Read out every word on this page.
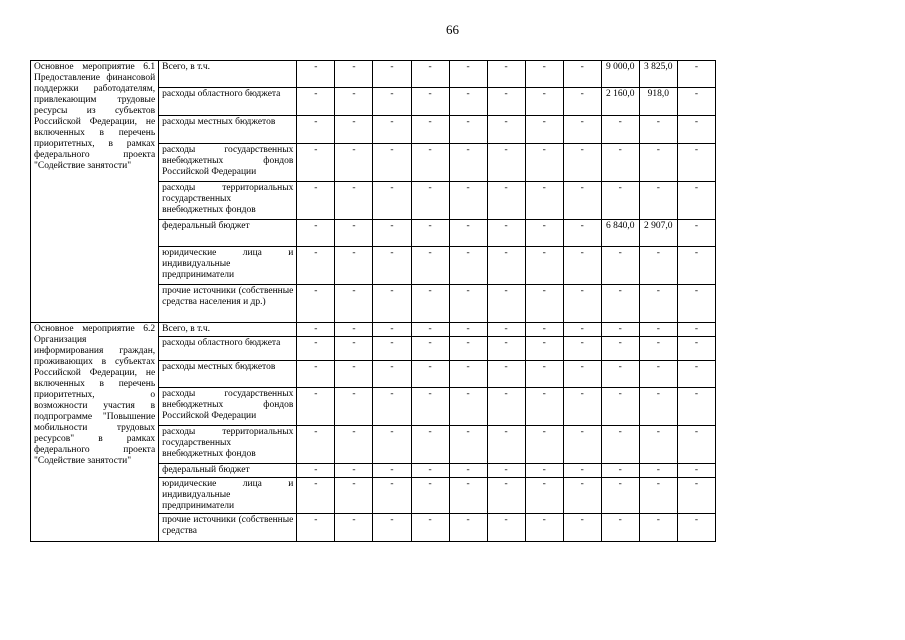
66
Основное мероприятие 6.1 Предоставление финансовой поддержки работодателям, привлекающим трудовые ресурсы из субъектов Российской Федерации, не включенных в перечень приоритетных, в рамках федерального проекта "Содействие занятости"	Всего, в т.ч.	-	-	-	-	-	-	-	-	9 000,0	3 825,0	-
	расходы областного бюджета	-	-	-	-	-	-	-	-	2 160,0	918,0	-
	расходы местных бюджетов	-	-	-	-	-	-	-	-	-	-	-
	расходы государственных внебюджетных фондов Российской Федерации	-	-	-	-	-	-	-	-	-	-	-
	расходы территориальных государственных внебюджетных фондов	-	-	-	-	-	-	-	-	-	-	-
	федеральный бюджет	-	-	-	-	-	-	-	-	6 840,0	2 907,0	-
	юридические лица и индивидуальные предприниматели	-	-	-	-	-	-	-	-	-	-	-
	прочие источники (собственные средства населения и др.)	-	-	-	-	-	-	-	-	-	-	-
Основное мероприятие 6.2 Организация информирования граждан, проживающих в субъектах Российской Федерации, не включенных в перечень приоритетных, о возможности участия в подпрограмме "Повышение мобильности трудовых ресурсов" в рамках федерального проекта "Содействие занятости"	Всего, в т.ч.	-	-	-	-	-	-	-	-	-	-	-
	расходы областного бюджета	-	-	-	-	-	-	-	-	-	-	-
	расходы местных бюджетов	-	-	-	-	-	-	-	-	-	-	-
	расходы государственных внебюджетных фондов Российской Федерации	-	-	-	-	-	-	-	-	-	-	-
	расходы территориальных государственных внебюджетных фондов	-	-	-	-	-	-	-	-	-	-	-
	федеральный бюджет	-	-	-	-	-	-	-	-	-	-	-
	юридические лица и индивидуальные предприниматели	-	-	-	-	-	-	-	-	-	-	-
	прочие источники (собственные средства	-	-	-	-	-	-	-	-	-	-	-
